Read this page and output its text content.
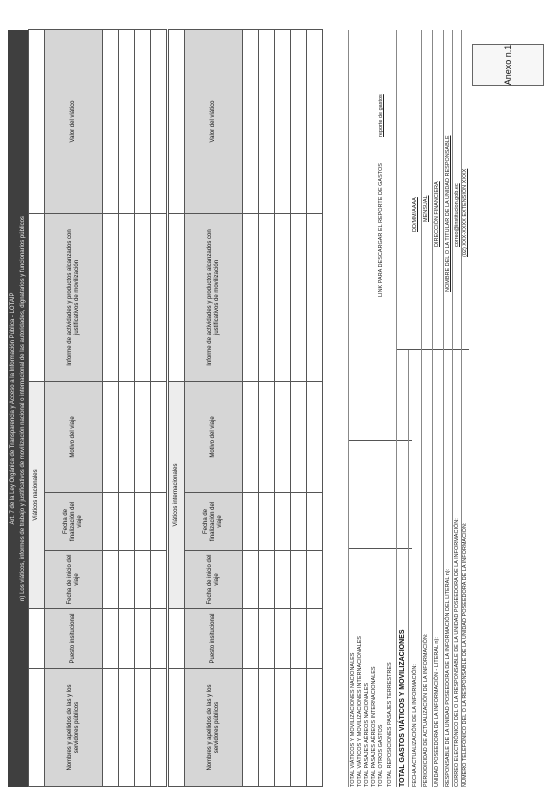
Anexo n.1
Art. 7 de la Ley Orgánica de Transparencia y Acceso a la Información Pública - LOTAIP n) Los viáticos, informes de trabajo y justificativos de movilización nacional o internacional de las autoridades, dignatarios y funcionarios públicos
			Viáticos nacionales				
Nombres y apellidos de las y los servidores públicos	Puesto insitucional	Fecha de inicio del viaje	Fecha de finalización del viaje	Motivo del viaje	Informe de actividades y productos alcanzados con justificativos de movilización	Valor del viático

		Viáticos internacionales				
Nombres y apellidos de las y los servidores públicos	Puesto insitucional	Fecha de inicio del viaje	Fecha de finalización del viaje	Motivo del viaje	Informe de actividades y productos alcanzados con justificativos de movilización	Valor del viático

TOTAL VIÁTICOS Y MOVILIZACIONES NACIONALES TOTAL VIÁTICOS Y MOVILIZACIONES INTERNACIONALES TOTAL PASAJES AÉREOS NACIONALES TOTAL PASAJES AÉREOS INTERNACIONALES TOTAL OTROS GASTOS TOTAL REPOSICIONES PASAJES TERRESTRES
LINK PARA DESCARGAR EL REPORTE DE GASTOS
reporte de gastos
TOTAL GASTOS VIÁTICOS Y MOVILIZACIONES FECHA ACTUALIZACIÓN DE LA INFORMACIÓN:
DD/MM/AAAA
PERIODICIDAD DE ACTUALIZACIÓN DE LA INFORMACIÓN:
MENSUAL
UNIDAD POSEEDORA DE LA INFORMACIÓN - LITERAL n):
DIRECCIÓN FINANCIERA
RESPONSABLE DE LA UNIDAD POSEEDORA DE LA INFORMACIÓN DEL LITERAL n):
NOMBRE DEL O LA TITULAR DE LA UNIDAD RESPONSABLE
CORREO ELECTRÓNICO DEL O LA RESPONSABLE DE LA UNIDAD POSEEDORA DE LA INFORMACIÓN:
correo@institucion.gob.ec
NÚMERO TELEFÓNICO DEL O LA RESPONSABLE DE LA UNIDAD POSEEDORA DE LA INFORMACIÓN:
(02) XXX-XXXX EXTENSIÓN XXXX
